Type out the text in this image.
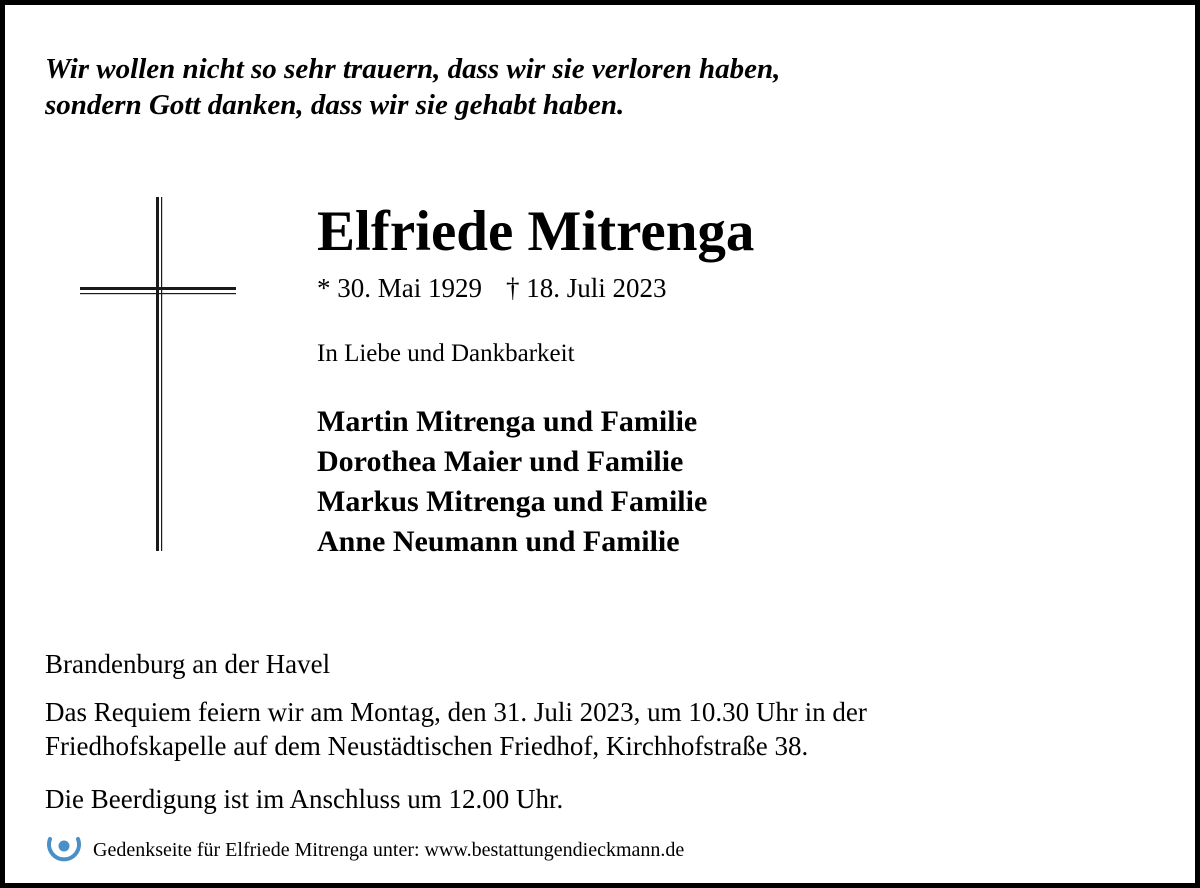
Wir wollen nicht so sehr trauern, dass wir sie verloren haben,
sondern Gott danken, dass wir sie gehabt haben.
Elfriede Mitrenga
* 30. Mai 1929 † 18. Juli 2023
In Liebe und Dankbarkeit
Martin Mitrenga und Familie
Dorothea Maier und Familie
Markus Mitrenga und Familie
Anne Neumann und Familie
Brandenburg an der Havel
Das Requiem feiern wir am Montag, den 31. Juli 2023, um 10.30 Uhr in der
Friedhofskapelle auf dem Neustädtischen Friedhof, Kirchhofstraße 38.
Die Beerdigung ist im Anschluss um 12.00 Uhr.
Gedenkseite für Elfriede Mitrenga unter: www.bestattungendieckmann.de
